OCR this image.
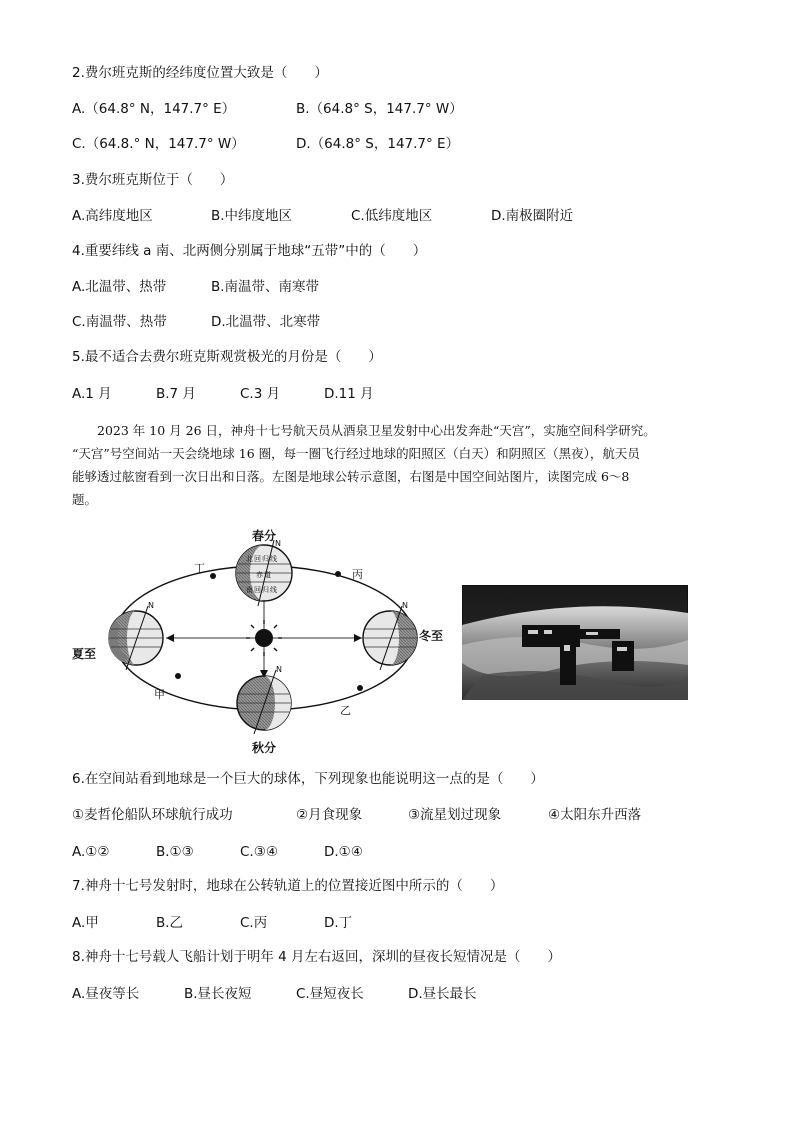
2.费尔班克斯的经纬度位置大致是（　　）
A.（64.8° N，147.7° E）	B.（64.8° S，147.7° W）
C.（64.8.° N，147.7° W）	D.（64.8° S，147.7° E）
3.费尔班克斯位于（　　）
A.高纬度地区	B.中纬度地区	C.低纬度地区	D.南极圈附近
4.重要纬线 a 南、北两侧分别属于地球“五带”中的（　　）
A.北温带、热带	B.南温带、南寒带
C.南温带、热带	D.北温带、北寒带
5.最不适合去费尔班克斯观赏极光的月份是（　　）
A.1 月	B.7 月	C.3 月	D.11 月

2023 年 10 月 26 日，神舟十七号航天员从酒泉卫星发射中心出发奔赴“天宫”，实施空间科学研究。

“天宫”号空间站一天会绕地球 16 圈，每一圈飞行经过地球的阳照区（白天）和阴照区（黑夜），航天员

能够透过舷窗看到一次日出和日落。左图是地球公转示意图，右图是中国空间站图片，读图完成 6～8

题。

北 回 归 线
赤 道
南 回 归 线
N
春分
N
夏至
N
冬至
N
秋分
丁	丙
甲
乙
6.在空间站看到地球是一个巨大的球体，下列现象也能说明这一点的是（　　）
①麦哲伦船队环球航行成功	②月食现象	③流星划过现象	④太阳东升西落
A.①②	B.①③	C.③④	D.①④
7.神舟十七号发射时，地球在公转轨道上的位置接近图中所示的（　　）
A.甲	B.乙	C.丙	D.丁
8.神舟十七号载人飞船计划于明年 4 月左右返回，深圳的昼夜长短情况是（　　）
A.昼夜等长	B.昼长夜短	C.昼短夜长	D.昼长最长
